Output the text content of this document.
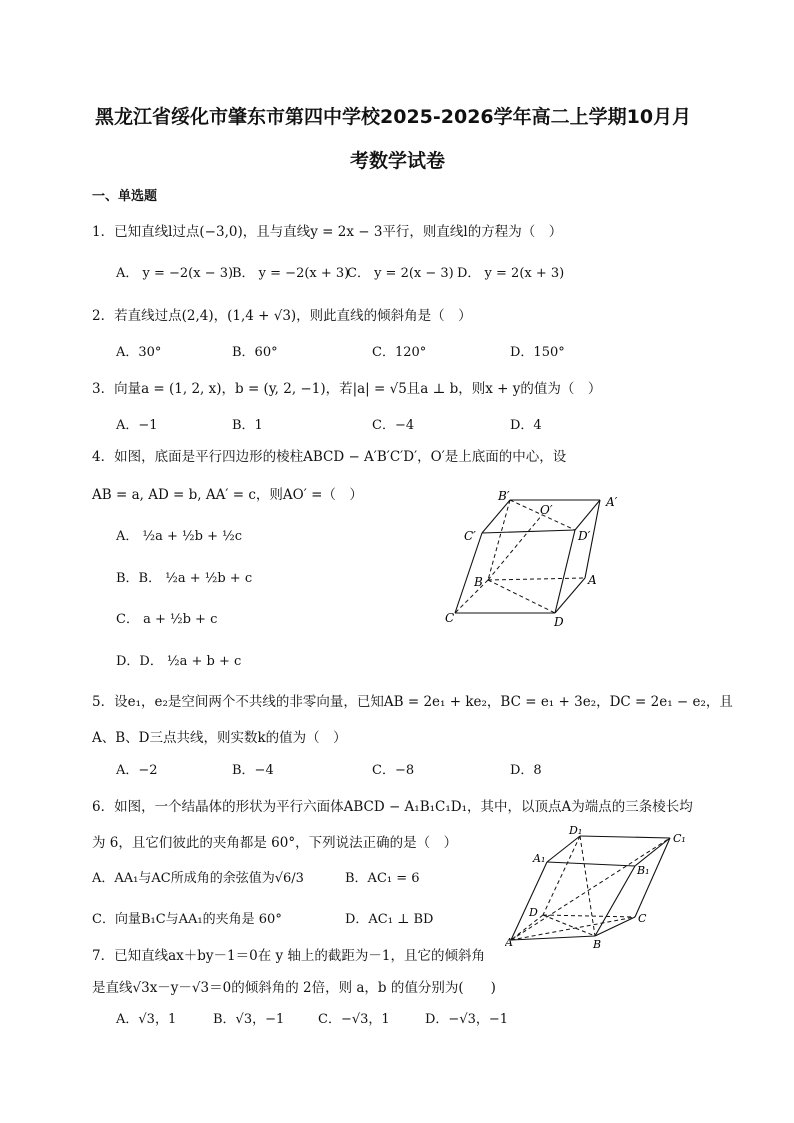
黑龙江省绥化市肇东市第四中学校2025-2026学年高二上学期10月月
考数学试卷
一、单选题
1．已知直线l过点(−3,0)，且与直线y = 2x − 3平行，则直线l的方程为（　）
A． y = −2(x − 3)
B． y = −2(x + 3)
C． y = 2(x − 3) D． y = 2(x + 3)
2．若直线过点(2,4)，(1,4 + √3)，则此直线的倾斜角是（　）
A．30°	B．60°	C．120°	D．150°
3．向量a = (1, 2, x)，b = (y, 2, −1)，若|a| = √5且a ⊥ b，则x + y的值为（　）
A．−1	B．1	C．−4	D．4
4．如图，底面是平行四边形的棱柱ABCD − A′B′C′D′，O′是上底面的中心，设
AB = a, AD = b, AA′ = c，则AO′ =（　）
A． ½a + ½b + ½c
B．B． ½a + ½b + c
C． a + ½b + c
D．D． ½a + b + c
B′
O′
A′
C′	D′
B	A
C	D
5．设e₁，e₂是空间两个不共线的非零向量，已知AB = 2e₁ + ke₂，BC = e₁ + 3e₂，DC = 2e₁ − e₂，且
A、B、D三点共线，则实数k的值为（　）
A．−2	B．−4	C．−8	D．8
6．如图，一个结晶体的形状为平行六面体ABCD − A₁B₁C₁D₁，其中，以顶点A为端点的三条棱长均
为 6，且它们彼此的夹角都是 60°，下列说法正确的是（　）
A．AA₁与AC所成角的余弦值为√6/3	B．AC₁ = 6
C．向量B₁C与AA₁的夹角是 60°	D．AC₁ ⊥ BD
D₁
C₁
A₁
B₁
D	C
A	B
7．已知直线ax＋by－1＝0在 y 轴上的截距为－1，且它的倾斜角
是直线√3x－y－√3＝0的倾斜角的 2倍，则 a，b 的值分别为(　　)
A．√3，1	B．√3，−1	C．−√3，1	D．−√3，−1
